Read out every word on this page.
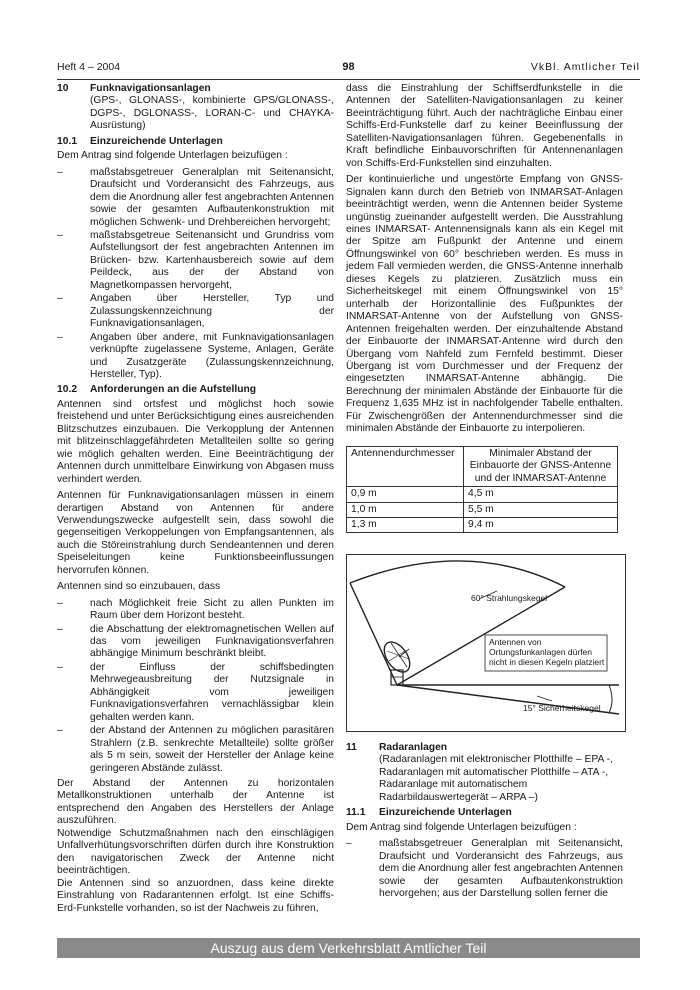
Heft 4 – 2004	98	VkBl. Amtlicher Teil
10	Funknavigationsanlagen

(GPS-, GLONASS-, kombinierte GPS/GLONASS-, DGPS-, DGLONASS-, LORAN-C- und CHAYKA-Ausrüstung)

10.1	Einzureichende Unterlagen

Dem Antrag sind folgende Unterlagen beizufügen :

– maßstabsgetreuer Generalplan mit Seitenansicht, Draufsicht und Vorderansicht des Fahrzeugs, aus dem die Anordnung aller fest angebrachten Antennen sowie der gesamten Aufbautenkonstruktion mit möglichen Schwenk- und Drehbereichen hervorgeht;
– maßstabsgetreue Seitenansicht und Grundriss vom Aufstellungsort der fest angebrachten Antennen im Brücken- bzw. Kartenhausbereich sowie auf dem Peildeck, aus der der Abstand von Magnetkompassen hervorgeht,
– Angaben über Hersteller, Typ und Zulassungskennzeichnung der Funknavigationsanlagen,
– Angaben über andere, mit Funknavigationsanlagen verknüpfte zugelassene Systeme, Anlagen, Geräte und Zusatzgeräte (Zulassungskennzeichnung, Hersteller, Typ).
10.2	Anforderungen an die Aufstellung

Antennen sind ortsfest und möglichst hoch sowie freistehend und unter Berücksichtigung eines ausreichenden Blitzschutzes einzubauen. Die Verkopplung der Antennen mit blitzeinschlaggefährdeten Metallteilen sollte so gering wie möglich gehalten werden. Eine Beeinträchtigung der Antennen durch unmittelbare Einwirkung von Abgasen muss verhindert werden.

Antennen für Funknavigationsanlagen müssen in einem derartigen Abstand von Antennen für andere Verwendungszwecke aufgestellt sein, dass sowohl die gegenseitigen Verkoppelungen von Empfangsantennen, als auch die Störeinstrahlung durch Sendeantennen und deren Speiseleitungen keine Funktionsbeeinflussungen hervorrufen können.

Antennen sind so einzubauen, dass

– nach Möglichkeit freie Sicht zu allen Punkten im Raum über dem Horizont besteht.
– die Abschattung der elektromagnetischen Wellen auf das vom jeweiligen Funknavigationsverfahren abhängige Minimum beschränkt bleibt.
– der Einfluss der schiffsbedingten Mehrwegeausbreitung der Nutzsignale in Abhängigkeit vom jeweiligen Funknavigationsverfahren vernachlässigbar klein gehalten werden kann.
– der Abstand der Antennen zu möglichen parasitären Strahlern (z.B. senkrechte Metallteile) sollte größer als 5 m sein, soweit der Hersteller der Anlage keine geringeren Abstände zulässt.

Der Abstand der Antennen zu horizontalen Metallkonstruktionen unterhalb der Antenne ist entsprechend den Angaben des Herstellers der Anlage auszuführen.

Notwendige Schutzmaßnahmen nach den einschlägigen Unfallverhütungsvorschriften dürfen durch ihre Konstruktion den navigatorischen Zweck der Antenne nicht beeinträchtigen.

Die Antennen sind so anzuordnen, dass keine direkte Einstrahlung von Radarantennen erfolgt. Ist eine Schiffs-Erd-Funkstelle vorhanden, so ist der Nachweis zu führen,

dass die Einstrahlung der Schiffserdfunkstelle in die Antennen der Satelliten-Navigationsanlagen zu keiner Beeinträchtigung führt. Auch der nachträgliche Einbau einer Schiffs-Erd-Funkstelle darf zu keiner Beeinflussung der Satelliten-Navigationsanlagen führen. Gegebenenfalls in Kraft befindliche Einbauvorschriften für Antennenanlagen von Schiffs-Erd-Funkstellen sind einzuhalten.

Der kontinuierliche und ungestörte Empfang von GNSS-Signalen kann durch den Betrieb von INMARSAT-Anlagen beeinträchtigt werden, wenn die Antennen beider Systeme ungünstig zueinander aufgestellt werden. Die Ausstrahlung eines INMARSAT- Antennensignals kann als ein Kegel mit der Spitze am Fußpunkt der Antenne und einem Öffnungswinkel von 60° beschrieben werden. Es muss in jedem Fall vermieden werden, die GNSS-Antenne innerhalb dieses Kegels zu platzieren. Zusätzlich muss ein Sicherheitskegel mit einem Öffnungswinkel von 15° unterhalb der Horizontallinie des Fußpunktes der INMARSAT-Antenne von der Aufstellung von GNSS-Antennen freigehalten werden. Der einzuhaltende Abstand der Einbauorte der INMARSAT-Antenne wird durch den Übergang vom Nahfeld zum Fernfeld bestimmt. Dieser Übergang ist vom Durchmesser und der Frequenz der eingesetzten INMARSAT-Antenne abhängig. Die Berechnung der minimalen Abstände der Einbauorte für die Frequenz 1,635 MHz ist in nachfolgender Tabelle enthalten. Für Zwischengrößen der Antennendurchmesser sind die minimalen Abstände der Einbauorte zu interpolieren.

Antennendurchmesser	Minimaler Abstand der Einbauorte der GNSS-Antenne und der INMARSAT-Antenne
0,9 m	4,5 m
1,0 m	5,5 m
1,3 m	9,4 m
60° Strahlungskegel
Antennen von Ortungsfunkanlagen dürfen nicht in diesen Kegeln platziert
15° Sicherheitskegel
11	Radaranlagen

(Radaranlagen mit elektronischer Plotthilfe – EPA -, Radaranlagen mit automatischer Plotthilfe – ATA -, Radaranlage mit automatischem Radarbildauswertegerät – ARPA –)

11.1	Einzureichende Unterlagen

Dem Antrag sind folgende Unterlagen beizufügen :

– maßstabsgetreuer Generalplan mit Seitenansicht, Draufsicht und Vorderansicht des Fahrzeugs, aus dem die Anordnung aller fest angebrachten Antennen sowie der gesamten Aufbautenkonstruktion hervorgehen; aus der Darstellung sollen ferner die
Auszug aus dem Verkehrsblatt Amtlicher Teil
